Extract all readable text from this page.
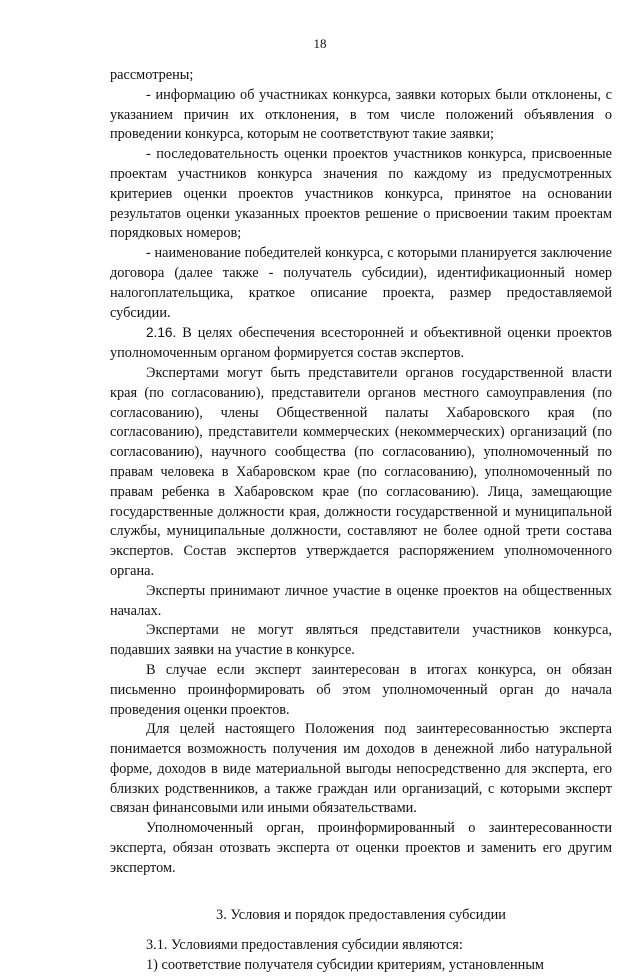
18

рассмотрены;

- информацию об участниках конкурса, заявки которых были отклонены, с указанием причин их отклонения, в том числе положений объявления о проведении конкурса, которым не соответствуют такие заявки;

- последовательность оценки проектов участников конкурса, присвоенные проектам участников конкурса значения по каждому из предусмотренных критериев оценки проектов участников конкурса, принятое на основании результатов оценки указанных проектов решение о присвоении таким проектам порядковых номеров;

- наименование победителей конкурса, с которыми планируется заключение договора (далее также - получатель субсидии), идентификационный номер налогоплательщика, краткое описание проекта, размер предоставляемой субсидии.

2.16. В целях обеспечения всесторонней и объективной оценки проектов уполномоченным органом формируется состав экспертов.

Экспертами могут быть представители органов государственной власти края (по согласованию), представители органов местного самоуправления (по согласованию), члены Общественной палаты Хабаровского края (по согласованию), представители коммерческих (некоммерческих) организаций (по согласованию), научного сообщества (по согласованию), уполномоченный по правам человека в Хабаровском крае (по согласованию), уполномоченный по правам ребенка в Хабаровском крае (по согласованию). Лица, замещающие государственные должности края, должности государственной и муниципальной службы, муниципальные должности, составляют не более одной трети состава экспертов. Состав экспертов утверждается распоряжением уполномоченного органа.

Эксперты принимают личное участие в оценке проектов на общественных началах.

Экспертами не могут являться представители участников конкурса, подавших заявки на участие в конкурсе.

В случае если эксперт заинтересован в итогах конкурса, он обязан письменно проинформировать об этом уполномоченный орган до начала проведения оценки проектов.

Для целей настоящего Положения под заинтересованностью эксперта понимается возможность получения им доходов в денежной либо натуральной форме, доходов в виде материальной выгоды непосредственно для эксперта, его близких родственников, а также граждан или организаций, с которыми эксперт связан финансовыми или иными обязательствами.

Уполномоченный орган, проинформированный о заинтересованности эксперта, обязан отозвать эксперта от оценки проектов и заменить его другим экспертом.

3. Условия и порядок предоставления субсидии

3.1. Условиями предоставления субсидии являются:

1) соответствие получателя субсидии критериям, установленным
